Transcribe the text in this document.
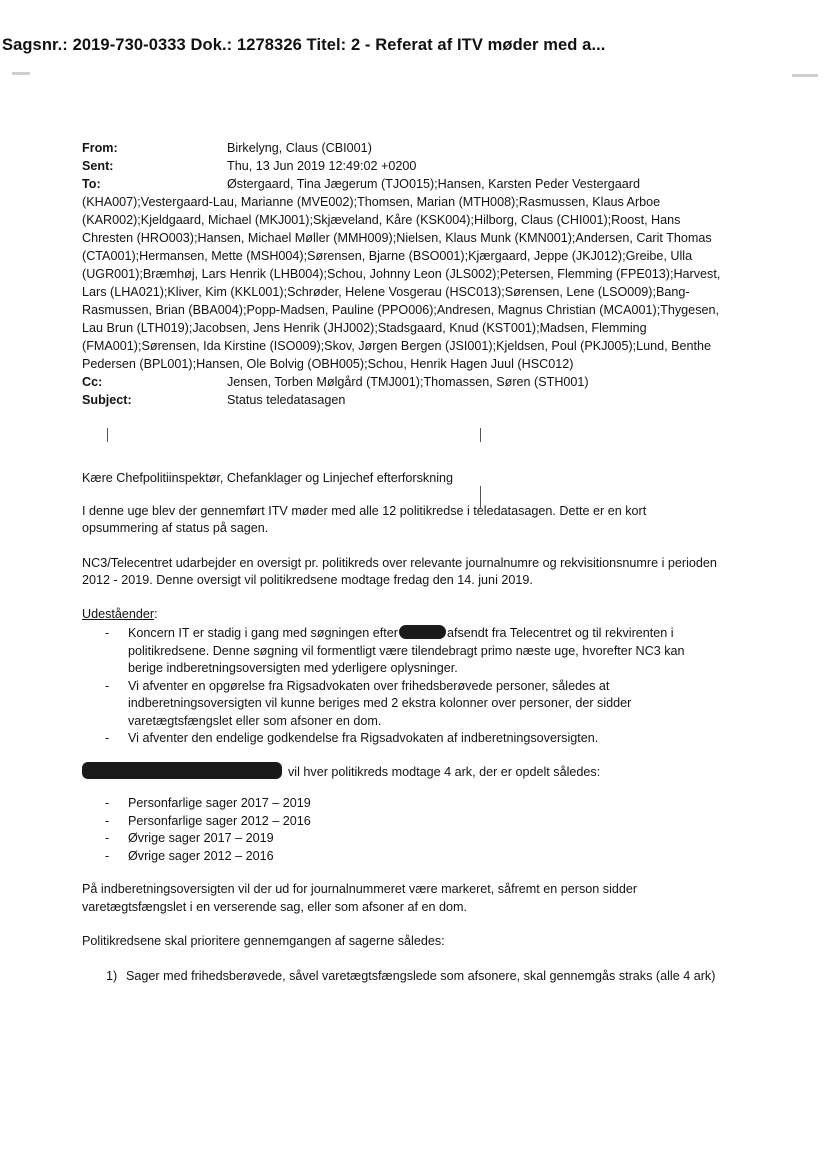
Sagsnr.: 2019-730-0333 Dok.: 1278326 Titel: 2 - Referat af ITV møder med a...
From:	Birkelyng, Claus (CBI001)
Sent:	Thu, 13 Jun 2019 12:49:02 +0200
To:	Østergaard, Tina Jægerum (TJO015);Hansen, Karsten Peder Vestergaard (KHA007);Vestergaard-Lau, Marianne (MVE002);Thomsen, Marian (MTH008);Rasmussen, Klaus Arboe (KAR002);Kjeldgaard, Michael (MKJ001);Skjæveland, Kåre (KSK004);Hilborg, Claus (CHI001);Roost, Hans Chresten (HRO003);Hansen, Michael Møller (MMH009);Nielsen, Klaus Munk (KMN001);Andersen, Carit Thomas (CTA001);Hermansen, Mette (MSH004);Sørensen, Bjarne (BSO001);Kjærgaard, Jeppe (JKJ012);Greibe, Ulla (UGR001);Bræmhøj, Lars Henrik (LHB004);Schou, Johnny Leon (JLS002);Petersen, Flemming (FPE013);Harvest, Lars (LHA021);Kliver, Kim (KKL001);Schrøder, Helene Vosgerau (HSC013);Sørensen, Lene (LSO009);Bang-Rasmussen, Brian (BBA004);Popp-Madsen, Pauline (PPO006);Andresen, Magnus Christian (MCA001);Thygesen, Lau Brun (LTH019);Jacobsen, Jens Henrik (JHJ002);Stadsgaard, Knud (KST001);Madsen, Flemming (FMA001);Sørensen, Ida Kirstine (ISO009);Skov, Jørgen Bergen (JSI001);Kjeldsen, Poul (PKJ005);Lund, Benthe Pedersen (BPL001);Hansen, Ole Bolvig (OBH005);Schou, Henrik Hagen Juul (HSC012)
Cc:	Jensen, Torben Mølgård (TMJ001);Thomassen, Søren (STH001)
Subject:	Status teledatasagen

Kære Chefpolitiinspektør, Chefanklager og Linjechef efterforskning

I denne uge blev der gennemført ITV møder med alle 12 politikredse i teledatasagen. Dette er en kort opsummering af status på sagen.

NC3/Telecentret udarbejder en oversigt pr. politikreds over relevante journalnumre og rekvisitionsnumre i perioden 2012 - 2019. Denne oversigt vil politikredsene modtage fredag den 14. juni 2019.

Udeståender:

- Koncern IT er stadig i gang med søgningen efter	afsendt fra Telecentret og til rekvirenten i politikredsene. Denne søgning vil formentligt være tilendebragt primo næste uge, hvorefter NC3 kan berige indberetningsoversigten med yderligere oplysninger.
- Vi afventer en opgørelse fra Rigsadvokaten over frihedsberøvede personer, således at indberetningsoversigten vil kunne beriges med 2 ekstra kolonner over personer, der sidder varetægtsfængslet eller som afsoner en dom.
- Vi afventer den endelige godkendelse fra Rigsadvokaten af indberetningsoversigten.

vil hver politikreds modtage 4 ark, der er opdelt således:

- Personfarlige sager 2017 – 2019
- Personfarlige sager 2012 – 2016
- Øvrige sager 2017 – 2019
- Øvrige sager 2012 – 2016

På indberetningsoversigten vil der ud for journalnummeret være markeret, såfremt en person sidder varetægtsfængslet i en verserende sag, eller som afsoner af en dom.

Politikredsene skal prioritere gennemgangen af sagerne således:

1) Sager med frihedsberøvede, såvel varetægtsfængslede som afsonere, skal gennemgås straks (alle 4 ark)
